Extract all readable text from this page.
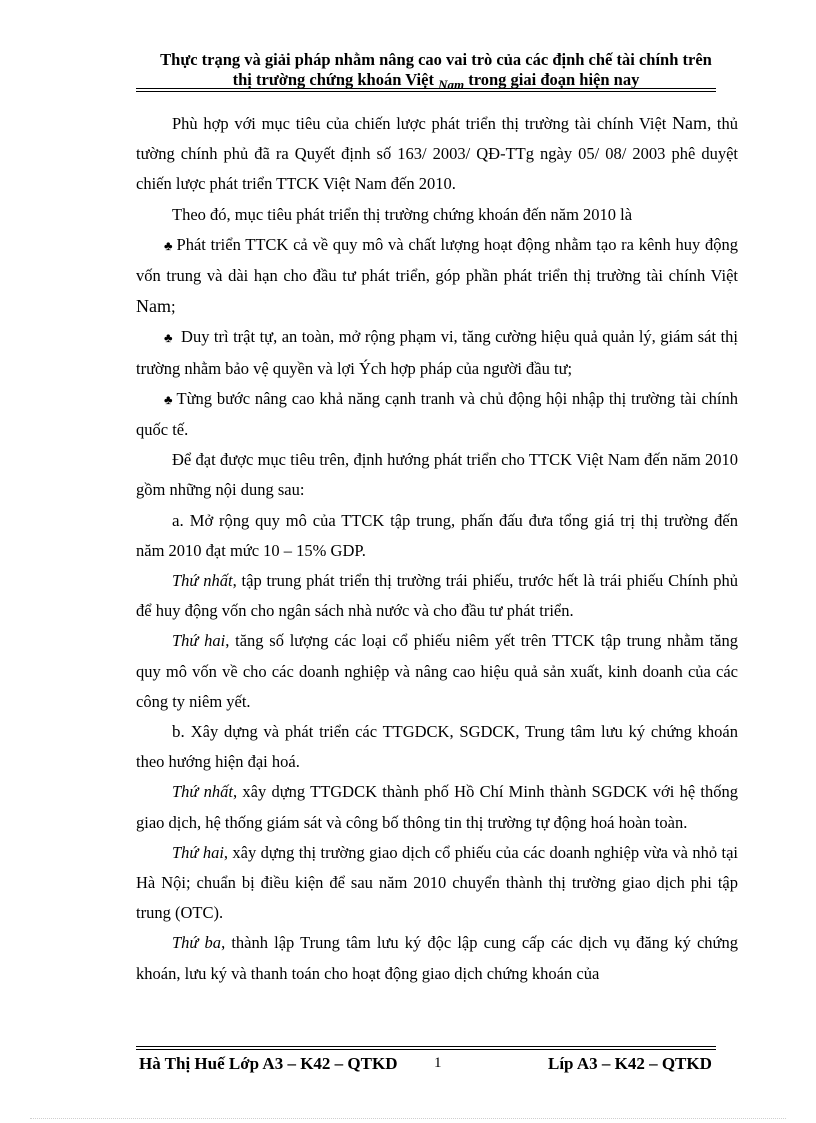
Thực trạng và giải pháp nhằm nâng cao vai trò của các định chế tài chính trên
thị trường chứng khoán Việt $_{Nam}$ trong giai đoạn hiện nay

Phù hợp với mục tiêu của chiến lược phát triển thị trường tài chính Việt Nam, thủ tường chính phủ đã ra Quyết định số 163/ 2003/ QĐ-TTg ngày 05/ 08/ 2003 phê duyệt chiến lược phát triển TTCK Việt Nam đến 2010.

Theo đó, mục tiêu phát triển thị trường chứng khoán đến năm 2010 là

♣ Phát triển TTCK cả về quy mô và chất lượng hoạt động nhằm tạo ra kênh huy động vốn trung và dài hạn cho đầu tư phát triển, góp phần phát triển thị trường tài chính Việt Nam;

♣ Duy trì trật tự, an toàn, mở rộng phạm vi, tăng cường hiệu quả quản lý, giám sát thị trường nhằm bảo vệ quyền và lợi Ých hợp pháp của người đầu tư;

♣ Từng bước nâng cao khả năng cạnh tranh và chủ động hội nhập thị trường tài chính quốc tế.

Để đạt được mục tiêu trên, định hướng phát triển cho TTCK Việt Nam đến năm 2010 gồm những nội dung sau:

a. Mở rộng quy mô của TTCK tập trung, phấn đấu đưa tổng giá trị thị trường đến năm 2010 đạt mức 10 – 15% GDP.

Thứ nhất, tập trung phát triển thị trường trái phiếu, trước hết là trái phiếu Chính phủ để huy động vốn cho ngân sách nhà nước và cho đầu tư phát triển.

Thứ hai, tăng số lượng các loại cổ phiếu niêm yết trên TTCK tập trung nhằm tăng quy mô vốn về cho các doanh nghiệp và nâng cao hiệu quả sản xuất, kinh doanh của các công ty niêm yết.

b. Xây dựng và phát triển các TTGDCK, SGDCK, Trung tâm lưu ký chứng khoán theo hướng hiện đại hoá.

Thứ nhất, xây dựng TTGDCK thành phố Hồ Chí Minh thành SGDCK với hệ thống giao dịch, hệ thống giám sát và công bố thông tin thị trường tự động hoá hoàn toàn.

Thứ hai, xây dựng thị trường giao dịch cổ phiếu của các doanh nghiệp vừa và nhỏ tại Hà Nội; chuẩn bị điều kiện để sau năm 2010 chuyển thành thị trường giao dịch phi tập trung (OTC).

Thứ ba, thành lập Trung tâm lưu ký độc lập cung cấp các dịch vụ đăng ký chứng khoán, lưu ký và thanh toán cho hoạt động giao dịch chứng khoán của

Hà Thị Huế Lớp A3 – K42 – QTKD 1	Líp A3 – K42 – QTKD
